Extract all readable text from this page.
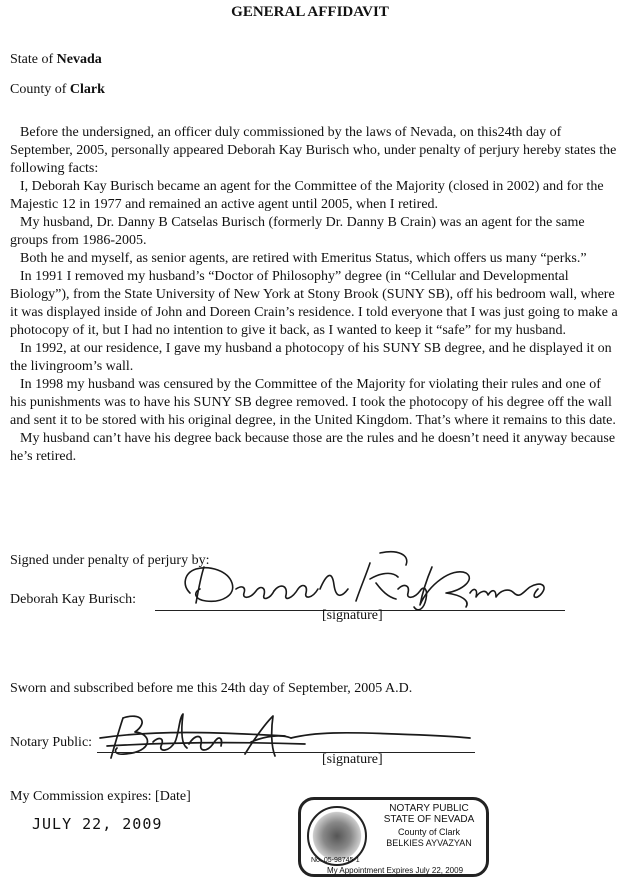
GENERAL AFFIDAVIT
State of Nevada
County of Clark

Before the undersigned, an officer duly commissioned by the laws of Nevada, on this24th day of September, 2005, personally appeared Deborah Kay Burisch who, under penalty of perjury hereby states the following facts:

I, Deborah Kay Burisch became an agent for the Committee of the Majority (closed in 2002) and for the Majestic 12 in 1977 and remained an active agent until 2005, when I retired.

My husband, Dr. Danny B Catselas Burisch (formerly Dr. Danny B Crain) was an agent for the same groups from 1986-2005.

Both he and myself, as senior agents, are retired with Emeritus Status, which offers us many “perks.”

In 1991 I removed my husband’s “Doctor of Philosophy” degree (in “Cellular and Developmental Biology”), from the State University of New York at Stony Brook (SUNY SB), off his bedroom wall, where it was displayed inside of John and Doreen Crain’s residence. I told everyone that I was just going to make a photocopy of it, but I had no intention to give it back, as I wanted to keep it “safe” for my husband.

In 1992, at our residence, I gave my husband a photocopy of his SUNY SB degree, and he displayed it on the livingroom’s wall.

In 1998 my husband was censured by the Committee of the Majority for violating their rules and one of his punishments was to have his SUNY SB degree removed. I took the photocopy of his degree off the wall and sent it to be stored with his original degree, in the United Kingdom. That’s where it remains to this date.

My husband can’t have his degree back because those are the rules and he doesn’t need it anyway because he’s retired.

Signed under penalty of perjury by:
Deborah Kay Burisch:
[signature]
Sworn and subscribed before me this 24th day of September, 2005 A.D.
Notary Public:
[signature]
My Commission expires: [Date]
JULY 22, 2009
NOTARY PUBLIC
STATE OF NEVADA
County of Clark
BELKIES AYVAZYAN
No. 05-98745-1
My Appointment Expires July 22, 2009
